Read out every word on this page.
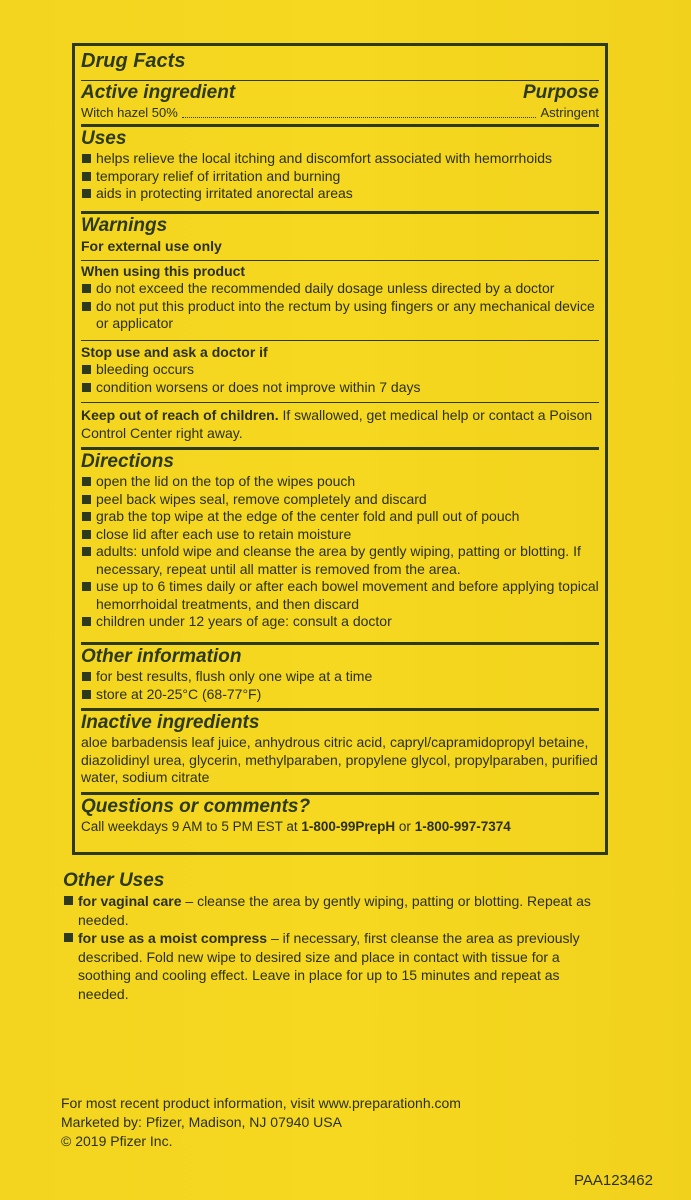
Drug Facts
Active ingredient	Purpose
Witch hazel 50%	Astringent
Uses
helps relieve the local itching and discomfort associated with hemorrhoids
temporary relief of irritation and burning
aids in protecting irritated anorectal areas
Warnings
For external use only
When using this product
do not exceed the recommended daily dosage unless directed by a doctor
do not put this product into the rectum by using fingers or any mechanical device or applicator
Stop use and ask a doctor if
bleeding occurs
condition worsens or does not improve within 7 days
Keep out of reach of children. If swallowed, get medical help or contact a Poison Control Center right away.
Directions
open the lid on the top of the wipes pouch
peel back wipes seal, remove completely and discard
grab the top wipe at the edge of the center fold and pull out of pouch
close lid after each use to retain moisture
adults: unfold wipe and cleanse the area by gently wiping, patting or blotting. If necessary, repeat until all matter is removed from the area.
use up to 6 times daily or after each bowel movement and before applying topical hemorrhoidal treatments, and then discard
children under 12 years of age: consult a doctor
Other information
for best results, flush only one wipe at a time
store at 20-25°C (68-77°F)
Inactive ingredients
aloe barbadensis leaf juice, anhydrous citric acid, capryl/capramidopropyl betaine, diazolidinyl urea, glycerin, methylparaben, propylene glycol, propylparaben, purified water, sodium citrate
Questions or comments?
Call weekdays 9 AM to 5 PM EST at 1-800-99PrepH or 1-800-997-7374
Other Uses
for vaginal care – cleanse the area by gently wiping, patting or blotting. Repeat as needed.
for use as a moist compress – if necessary, first cleanse the area as previously described. Fold new wipe to desired size and place in contact with tissue for a soothing and cooling effect. Leave in place for up to 15 minutes and repeat as needed.
For most recent product information, visit www.preparationh.com
Marketed by: Pfizer, Madison, NJ 07940 USA
© 2019 Pfizer Inc.
PAA123462
